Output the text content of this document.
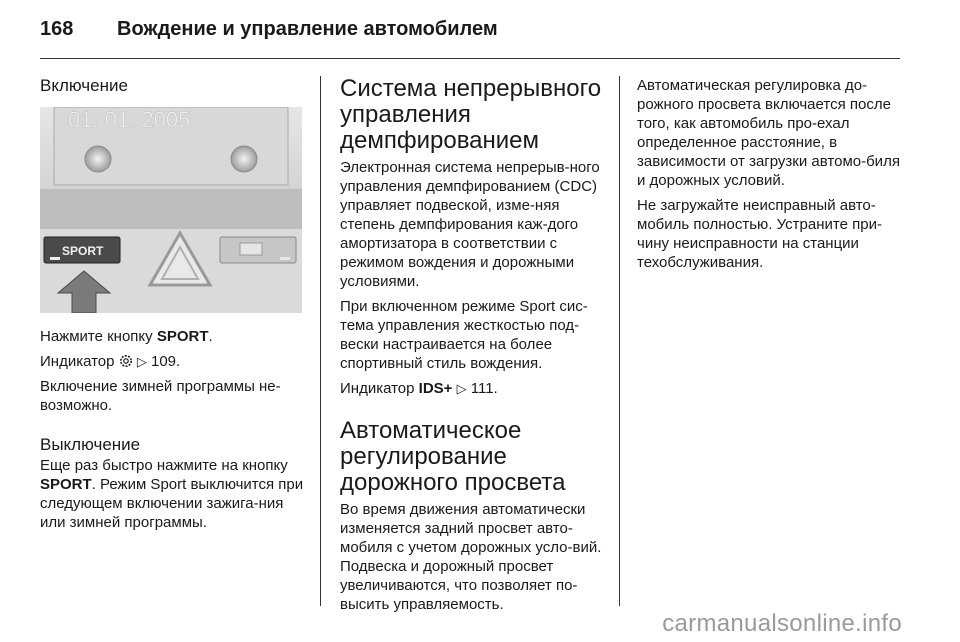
168 Вождение и управление автомобилем
Включение
01. 01. 2005
SPORT

Нажмите кнопку SPORT.

Индикатор  ▷ 109.

Включение зимней программы не-возможно.

Выключение

Еще раз быстро нажмите на кнопку SPORT. Режим Sport выключится при следующем включении зажига-ния или зимней программы.

Система непрерывного управления демпфированием

Электронная система непрерыв-ного управления демпфированием (CDC) управляет подвеской, изме-няя степень демпфирования каж-дого амортизатора в соответствии с режимом вождения и дорожными условиями.

При включенном режиме Sport сис-тема управления жесткостью под-вески настраивается на более спортивный стиль вождения.

Индикатор IDS+ ▷ 111.

Автоматическое регулирование дорожного просвета

Во время движения автоматически изменяется задний просвет авто-мобиля с учетом дорожных усло-вий. Подвеска и дорожный просвет увеличиваются, что позволяет по-высить управляемость.

Автоматическая регулировка до-рожного просвета включается после того, как автомобиль про-ехал определенное расстояние, в зависимости от загрузки автомо-биля и дорожных условий.

Не загружайте неисправный авто-мобиль полностью. Устраните при-чину неисправности на станции техобслуживания.

carmanualsonline.info
